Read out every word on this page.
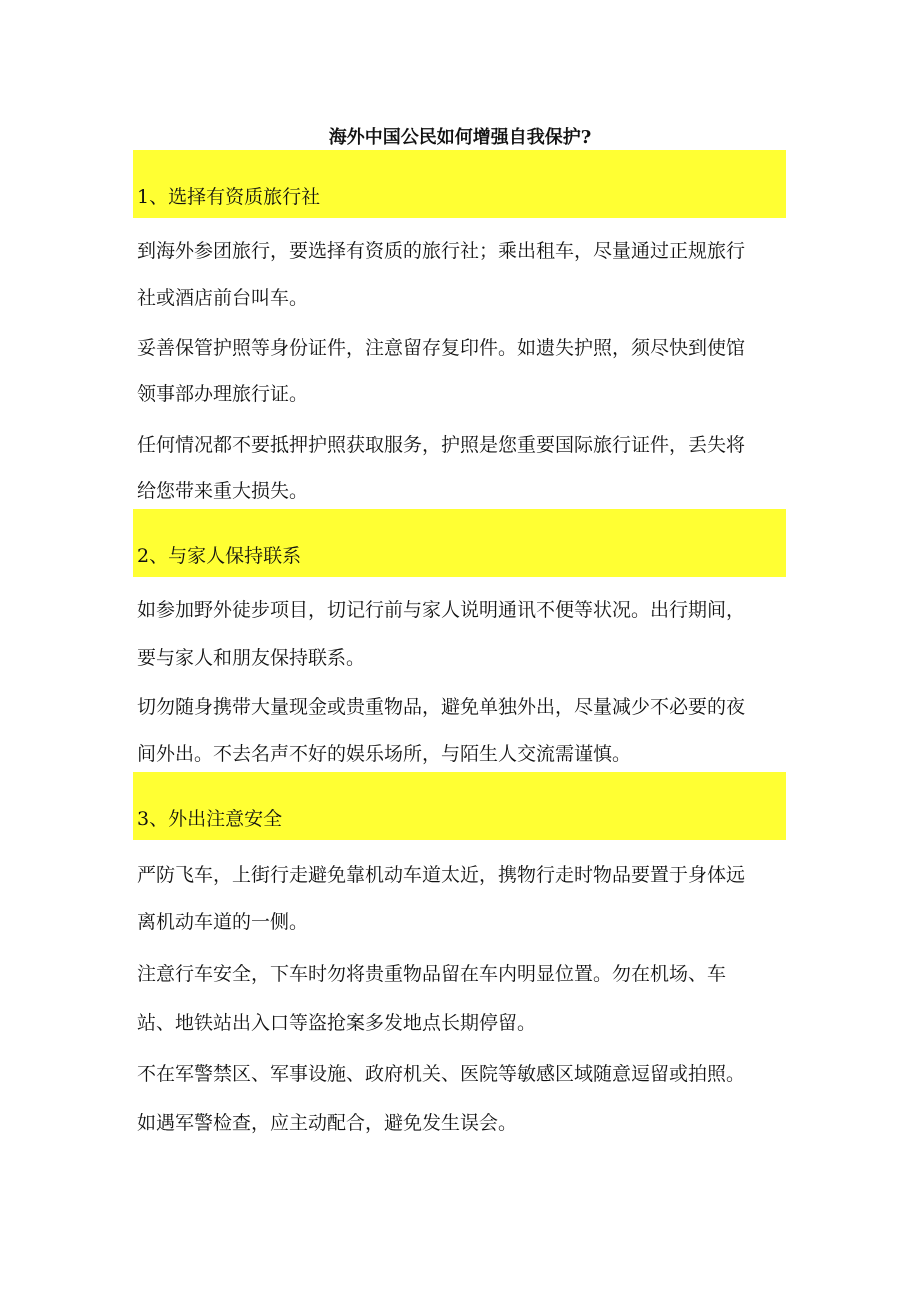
海外中国公民如何增强自我保护?
1、选择有资质旅行社
到海外参团旅行，要选择有资质的旅行社；乘出租车，尽量通过正规旅行
社或酒店前台叫车。
妥善保管护照等身份证件，注意留存复印件。如遗失护照，须尽快到使馆
领事部办理旅行证。
任何情况都不要抵押护照获取服务，护照是您重要国际旅行证件，丢失将
给您带来重大损失。
2、与家人保持联系
如参加野外徒步项目，切记行前与家人说明通讯不便等状况。出行期间，
要与家人和朋友保持联系。
切勿随身携带大量现金或贵重物品，避免单独外出，尽量减少不必要的夜
间外出。不去名声不好的娱乐场所，与陌生人交流需谨慎。
3、外出注意安全
严防飞车，上街行走避免靠机动车道太近，携物行走时物品要置于身体远
离机动车道的一侧。
注意行车安全，下车时勿将贵重物品留在车内明显位置。勿在机场、车
站、地铁站出入口等盗抢案多发地点长期停留。
不在军警禁区、军事设施、政府机关、医院等敏感区域随意逗留或拍照。
如遇军警检查，应主动配合，避免发生误会。
